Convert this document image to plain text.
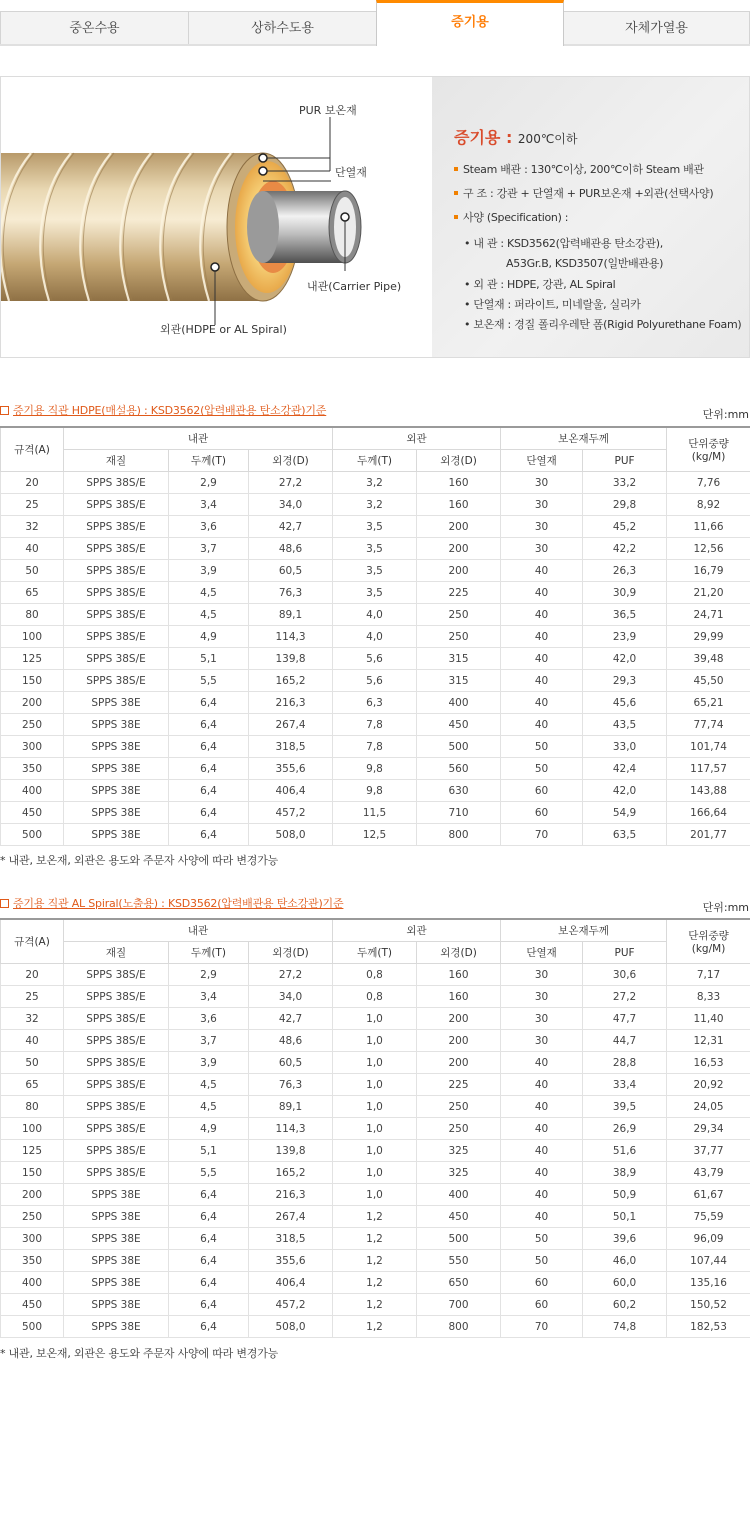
중온수용	상하수도용	증기용	자체가열용
PUR 보온재
단열재
내관(Carrier Pipe)
외관(HDPE or AL Spiral)
증기용 : 200℃이하
Steam 배관 : 130℃이상, 200℃이하 Steam 배관
구 조 : 강관 + 단열재 + PUR보온재 +외관(선택사양)
사양 (Specification) :
• 내 관 : KSD3562(압력배관용 탄소강관),
A53Gr.B, KSD3507(일반배관용)
• 외 관 : HDPE, 강관, AL Spiral
• 단열재 : 퍼라이트, 미네랄울, 실리카
• 보온재 : 경질 폴리우레탄 폼(Rigid Polyurethane Foam)
증기용 직관 HDPE(매설용) : KSD3562(압력배관용 탄소강관)기준	단위:mm
규격(A)	내관			외관		보온재두께		단위중량
(kg/M)
	재질	두께(T)	외경(D)	두께(T)	외경(D)	단열재	PUF	
20	SPPS 38S/E	2,9	27,2	3,2	160	30	33,2	7,76
25	SPPS 38S/E	3,4	34,0	3,2	160	30	29,8	8,92
32	SPPS 38S/E	3,6	42,7	3,5	200	30	45,2	11,66
40	SPPS 38S/E	3,7	48,6	3,5	200	30	42,2	12,56
50	SPPS 38S/E	3,9	60,5	3,5	200	40	26,3	16,79
65	SPPS 38S/E	4,5	76,3	3,5	225	40	30,9	21,20
80	SPPS 38S/E	4,5	89,1	4,0	250	40	36,5	24,71
100	SPPS 38S/E	4,9	114,3	4,0	250	40	23,9	29,99
125	SPPS 38S/E	5,1	139,8	5,6	315	40	42,0	39,48
150	SPPS 38S/E	5,5	165,2	5,6	315	40	29,3	45,50
200	SPPS 38E	6,4	216,3	6,3	400	40	45,6	65,21
250	SPPS 38E	6,4	267,4	7,8	450	40	43,5	77,74
300	SPPS 38E	6,4	318,5	7,8	500	50	33,0	101,74
350	SPPS 38E	6,4	355,6	9,8	560	50	42,4	117,57
400	SPPS 38E	6,4	406,4	9,8	630	60	42,0	143,88
450	SPPS 38E	6,4	457,2	11,5	710	60	54,9	166,64
500	SPPS 38E	6,4	508,0	12,5	800	70	63,5	201,77
* 내관, 보온재, 외관은 용도와 주문자 사양에 따라 변경가능
증기용 직관 AL Spiral(노출용) : KSD3562(압력배관용 탄소강관)기준	단위:mm
규격(A)	내관			외관		보온재두께		단위중량
(kg/M)
	재질	두께(T)	외경(D)	두께(T)	외경(D)	단열재	PUF	
20	SPPS 38S/E	2,9	27,2	0,8	160	30	30,6	7,17
25	SPPS 38S/E	3,4	34,0	0,8	160	30	27,2	8,33
32	SPPS 38S/E	3,6	42,7	1,0	200	30	47,7	11,40
40	SPPS 38S/E	3,7	48,6	1,0	200	30	44,7	12,31
50	SPPS 38S/E	3,9	60,5	1,0	200	40	28,8	16,53
65	SPPS 38S/E	4,5	76,3	1,0	225	40	33,4	20,92
80	SPPS 38S/E	4,5	89,1	1,0	250	40	39,5	24,05
100	SPPS 38S/E	4,9	114,3	1,0	250	40	26,9	29,34
125	SPPS 38S/E	5,1	139,8	1,0	325	40	51,6	37,77
150	SPPS 38S/E	5,5	165,2	1,0	325	40	38,9	43,79
200	SPPS 38E	6,4	216,3	1,0	400	40	50,9	61,67
250	SPPS 38E	6,4	267,4	1,2	450	40	50,1	75,59
300	SPPS 38E	6,4	318,5	1,2	500	50	39,6	96,09
350	SPPS 38E	6,4	355,6	1,2	550	50	46,0	107,44
400	SPPS 38E	6,4	406,4	1,2	650	60	60,0	135,16
450	SPPS 38E	6,4	457,2	1,2	700	60	60,2	150,52
500	SPPS 38E	6,4	508,0	1,2	800	70	74,8	182,53
* 내관, 보온재, 외관은 용도와 주문자 사양에 따라 변경가능
